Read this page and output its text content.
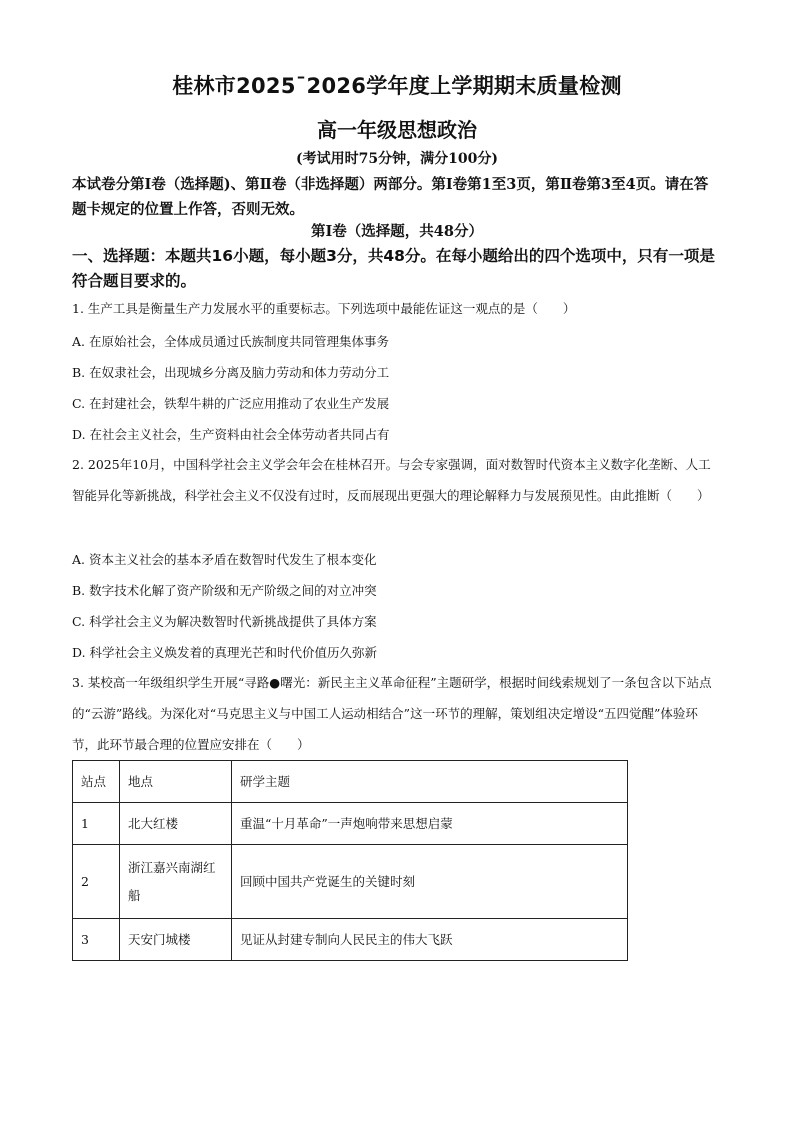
桂林市2025¯2026学年度上学期期末质量检测
高一年级思想政治
(考试用时75分钟，满分100分)
本试卷分第Ⅰ卷（选择题)、第Ⅱ卷（非选择题）两部分。第Ⅰ卷第1至3页，第Ⅱ卷第3至4页。请在答题卡规定的位置上作答，否则无效。
第Ⅰ卷（选择题，共48分）
一、选择题：本题共16小题，每小题3分，共48分。在每小题给出的四个选项中，只有一项是符合题目要求的。
1. 生产工具是衡量生产力发展水平的重要标志。下列选项中最能佐证这一观点的是（　　）
A. 在原始社会，全体成员通过氏族制度共同管理集体事务
B. 在奴隶社会，出现城乡分离及脑力劳动和体力劳动分工
C. 在封建社会，铁犁牛耕的广泛应用推动了农业生产发展
D. 在社会主义社会，生产资料由社会全体劳动者共同占有
2. 2025年10月，中国科学社会主义学会年会在桂林召开。与会专家强调，面对数智时代资本主义数字化垄断、人工智能异化等新挑战，科学社会主义不仅没有过时，反而展现出更强大的理论解释力与发展预见性。由此推断（　　）
A. 资本主义社会的基本矛盾在数智时代发生了根本变化
B. 数字技术化解了资产阶级和无产阶级之间的对立冲突
C. 科学社会主义为解决数智时代新挑战提供了具体方案
D. 科学社会主义焕发着的真理光芒和时代价值历久弥新
3. 某校高一年级组织学生开展“寻路●曙光：新民主主义革命征程”主题研学，根据时间线索规划了一条包含以下站点的“云游”路线。为深化对“马克思主义与中国工人运动相结合”这一环节的理解，策划组决定增设“五四觉醒”体验环节，此环节最合理的位置应安排在（　　）
站点	地点	研学主题
1	北大红楼	重温“十月革命”一声炮响带来思想启蒙
2	浙江嘉兴南湖红船	回顾中国共产党诞生的关键时刻
3	天安门城楼	见证从封建专制向人民民主的伟大飞跃
